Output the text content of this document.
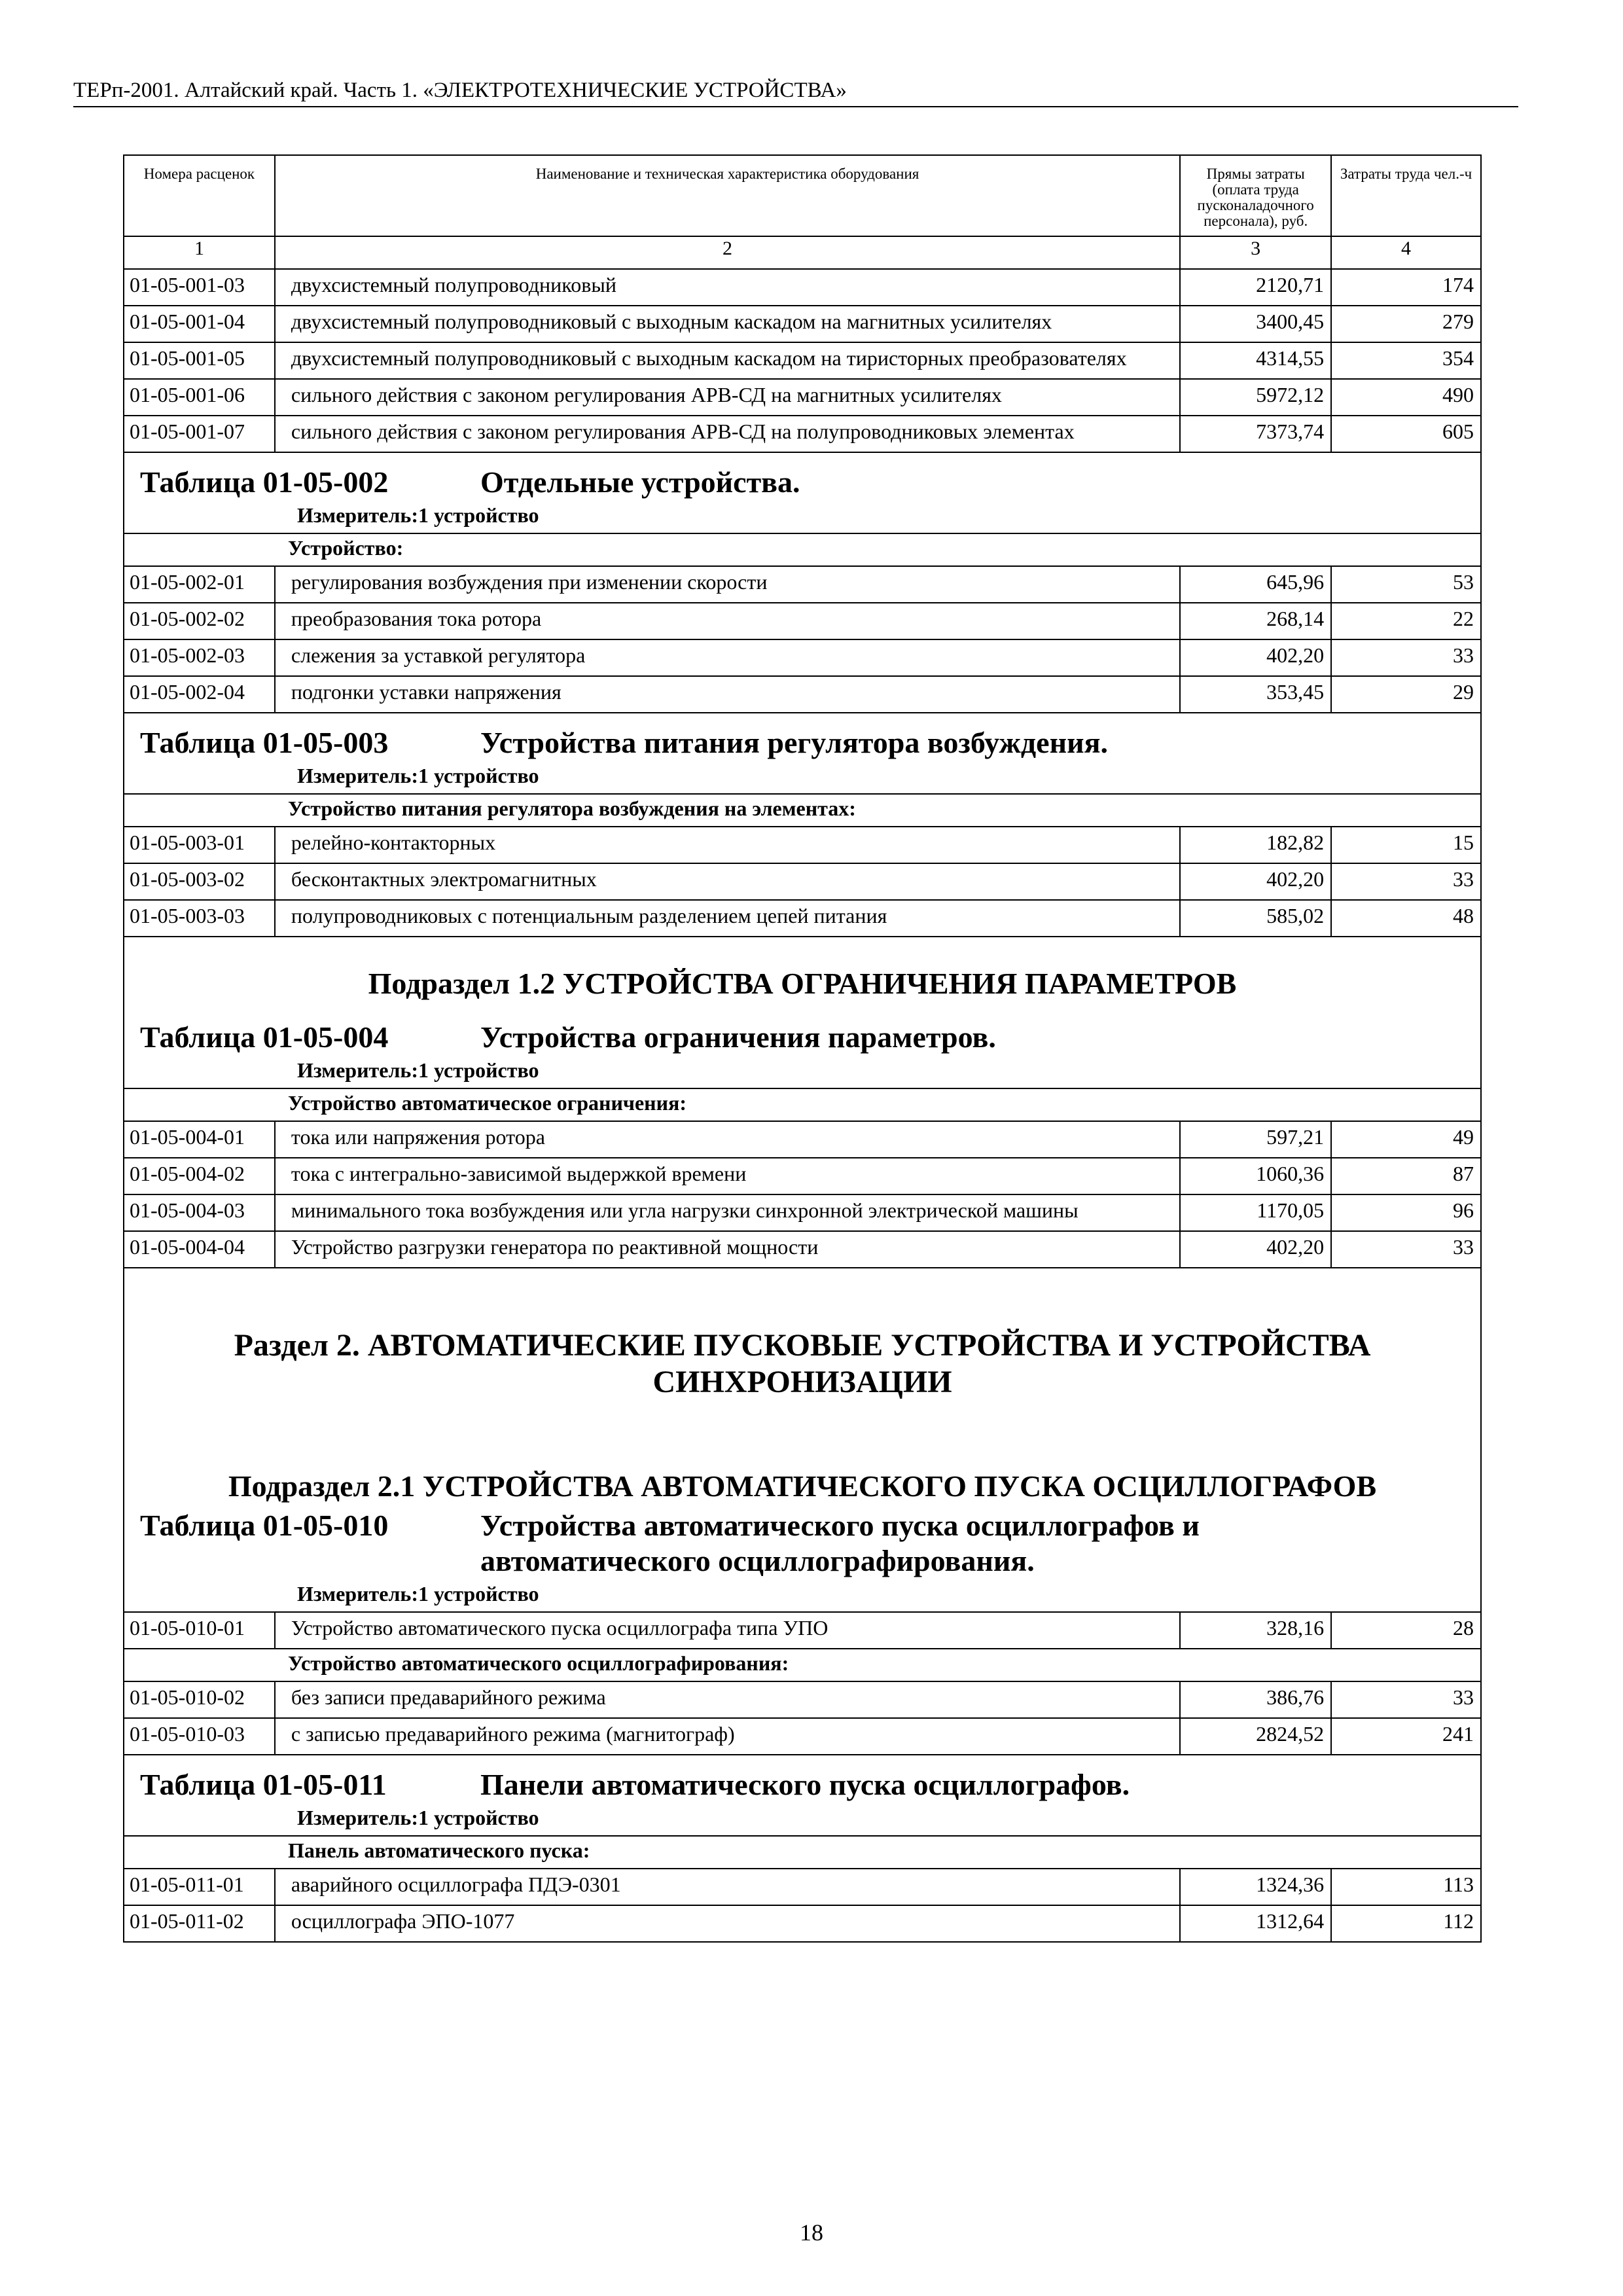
ТЕРп-2001. Алтайский край. Часть 1. «ЭЛЕКТРОТЕХНИЧЕСКИЕ УСТРОЙСТВА»
Номера расценок	Наименование и техническая характеристика оборудования	Прямы затраты (оплата труда пусконаладочного персонала), руб.	Затраты труда чел.-ч
1	2	3	4
01-05-001-03	двухсистемный полупроводниковый	2120,71	174
01-05-001-04	двухсистемный полупроводниковый с выходным каскадом на магнитных усилителях	3400,45	279
01-05-001-05	двухсистемный полупроводниковый с выходным каскадом на тиристорных преобразователях	4314,55	354
01-05-001-06	сильного действия с законом регулирования АРВ-СД на магнитных усилителях	5972,12	490
01-05-001-07	сильного действия с законом регулирования АРВ-СД на полупроводниковых элементах	7373,74	605
Таблица 01-05-002 Отдельные устройства.			
Измеритель:1 устройство			
Устройство:			
01-05-002-01	регулирования возбуждения при изменении скорости	645,96	53
01-05-002-02	преобразования тока ротора	268,14	22
01-05-002-03	слежения за уставкой регулятора	402,20	33
01-05-002-04	подгонки уставки напряжения	353,45	29
Таблица 01-05-003 Устройства питания регулятора возбуждения.			
Измеритель:1 устройство			
Устройство питания регулятора возбуждения на элементах:			
01-05-003-01	релейно-контакторных	182,82	15
01-05-003-02	бесконтактных электромагнитных	402,20	33
01-05-003-03	полупроводниковых с потенциальным разделением цепей питания	585,02	48
Подраздел 1.2 УСТРОЙСТВА ОГРАНИЧЕНИЯ ПАРАМЕТРОВ			
Таблица 01-05-004 Устройства ограничения параметров.			
Измеритель:1 устройство			
Устройство автоматическое ограничения:			
01-05-004-01	тока или напряжения ротора	597,21	49
01-05-004-02	тока с интегрально-зависимой выдержкой времени	1060,36	87
01-05-004-03	минимального тока возбуждения или угла нагрузки синхронной электрической машины	1170,05	96
01-05-004-04	Устройство разгрузки генератора по реактивной мощности	402,20	33
Раздел 2. АВТОМАТИЧЕСКИЕ ПУСКОВЫЕ УСТРОЙСТВА И УСТРОЙСТВА СИНХРОНИЗАЦИИ			
Подраздел 2.1 УСТРОЙСТВА АВТОМАТИЧЕСКОГО ПУСКА ОСЦИЛЛОГРАФОВ			
Таблица 01-05-010 Устройства автоматического пуска осциллографов и автоматического осциллографирования.			
Измеритель:1 устройство			
01-05-010-01	Устройство автоматического пуска осциллографа типа УПО	328,16	28
Устройство автоматического осциллографирования:			
01-05-010-02	без записи предаварийного режима	386,76	33
01-05-010-03	с записью предаварийного режима (магнитограф)	2824,52	241
Таблица 01-05-011 Панели автоматического пуска осциллографов.			
Измеритель:1 устройство			
Панель автоматического пуска:			
01-05-011-01	аварийного осциллографа ПДЭ-0301	1324,36	113
01-05-011-02	осциллографа ЭПО-1077	1312,64	112
18
